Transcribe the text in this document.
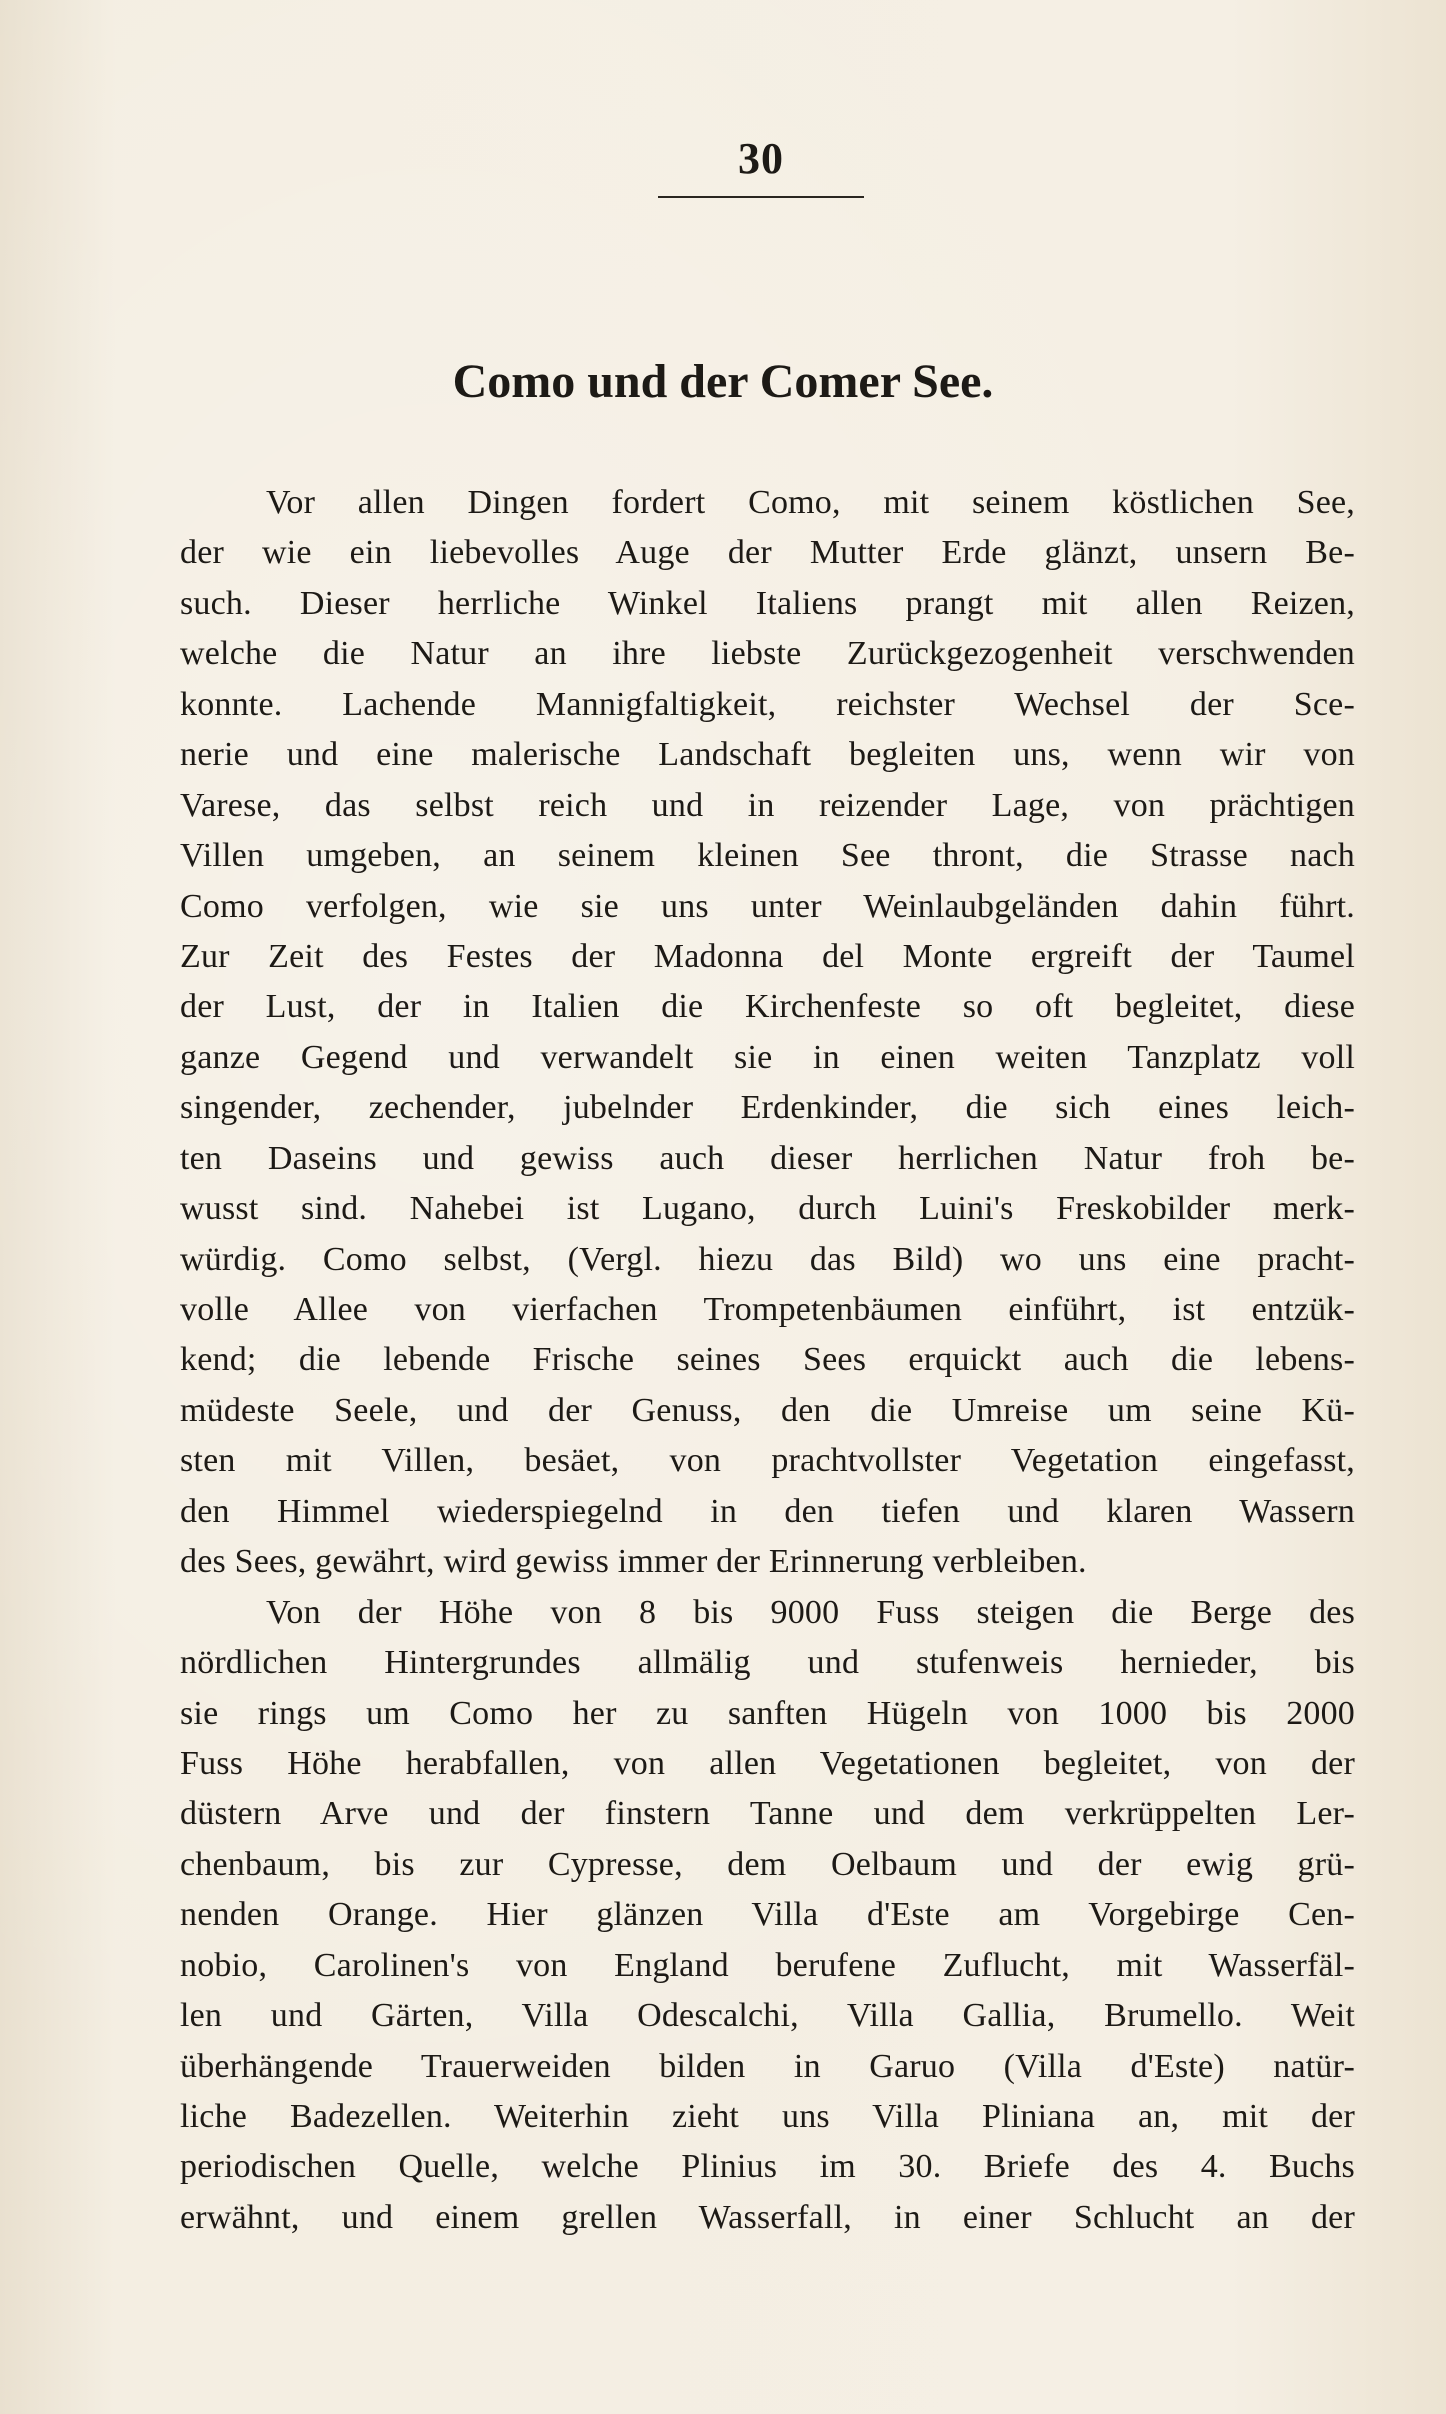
30
Como und der Comer See.
Vor allen Dingen fordert Como, mit seinem köstlichen See,
der wie ein liebevolles Auge der Mutter Erde glänzt, unsern Be-
such. Dieser herrliche Winkel Italiens prangt mit allen Reizen,
welche die Natur an ihre liebste Zurückgezogenheit verschwenden
konnte. Lachende Mannigfaltigkeit, reichster Wechsel der Sce-
nerie und eine malerische Landschaft begleiten uns, wenn wir von
Varese, das selbst reich und in reizender Lage, von prächtigen
Villen umgeben, an seinem kleinen See thront, die Strasse nach
Como verfolgen, wie sie uns unter Weinlaubgeländen dahin führt.
Zur Zeit des Festes der Madonna del Monte ergreift der Taumel
der Lust, der in Italien die Kirchenfeste so oft begleitet, diese
ganze Gegend und verwandelt sie in einen weiten Tanzplatz voll
singender, zechender, jubelnder Erdenkinder, die sich eines leich-
ten Daseins und gewiss auch dieser herrlichen Natur froh be-
wusst sind. Nahebei ist Lugano, durch Luini's Freskobilder merk-
würdig. Como selbst, (Vergl. hiezu das Bild) wo uns eine pracht-
volle Allee von vierfachen Trompetenbäumen einführt, ist entzük-
kend; die lebende Frische seines Sees erquickt auch die lebens-
müdeste Seele, und der Genuss, den die Umreise um seine Kü-
sten mit Villen, besäet, von prachtvollster Vegetation eingefasst,
den Himmel wiederspiegelnd in den tiefen und klaren Wassern
des Sees, gewährt, wird gewiss immer der Erinnerung verbleiben.
Von der Höhe von 8 bis 9000 Fuss steigen die Berge des
nördlichen Hintergrundes allmälig und stufenweis hernieder, bis
sie rings um Como her zu sanften Hügeln von 1000 bis 2000
Fuss Höhe herabfallen, von allen Vegetationen begleitet, von der
düstern Arve und der finstern Tanne und dem verkrüppelten Ler-
chenbaum, bis zur Cypresse, dem Oelbaum und der ewig grü-
nenden Orange. Hier glänzen Villa d'Este am Vorgebirge Cen-
nobio, Carolinen's von England berufene Zuflucht, mit Wasserfäl-
len und Gärten, Villa Odescalchi, Villa Gallia, Brumello. Weit
überhängende Trauerweiden bilden in Garuo (Villa d'Este) natür-
liche Badezellen. Weiterhin zieht uns Villa Pliniana an, mit der
periodischen Quelle, welche Plinius im 30. Briefe des 4. Buchs
erwähnt, und einem grellen Wasserfall, in einer Schlucht an der
